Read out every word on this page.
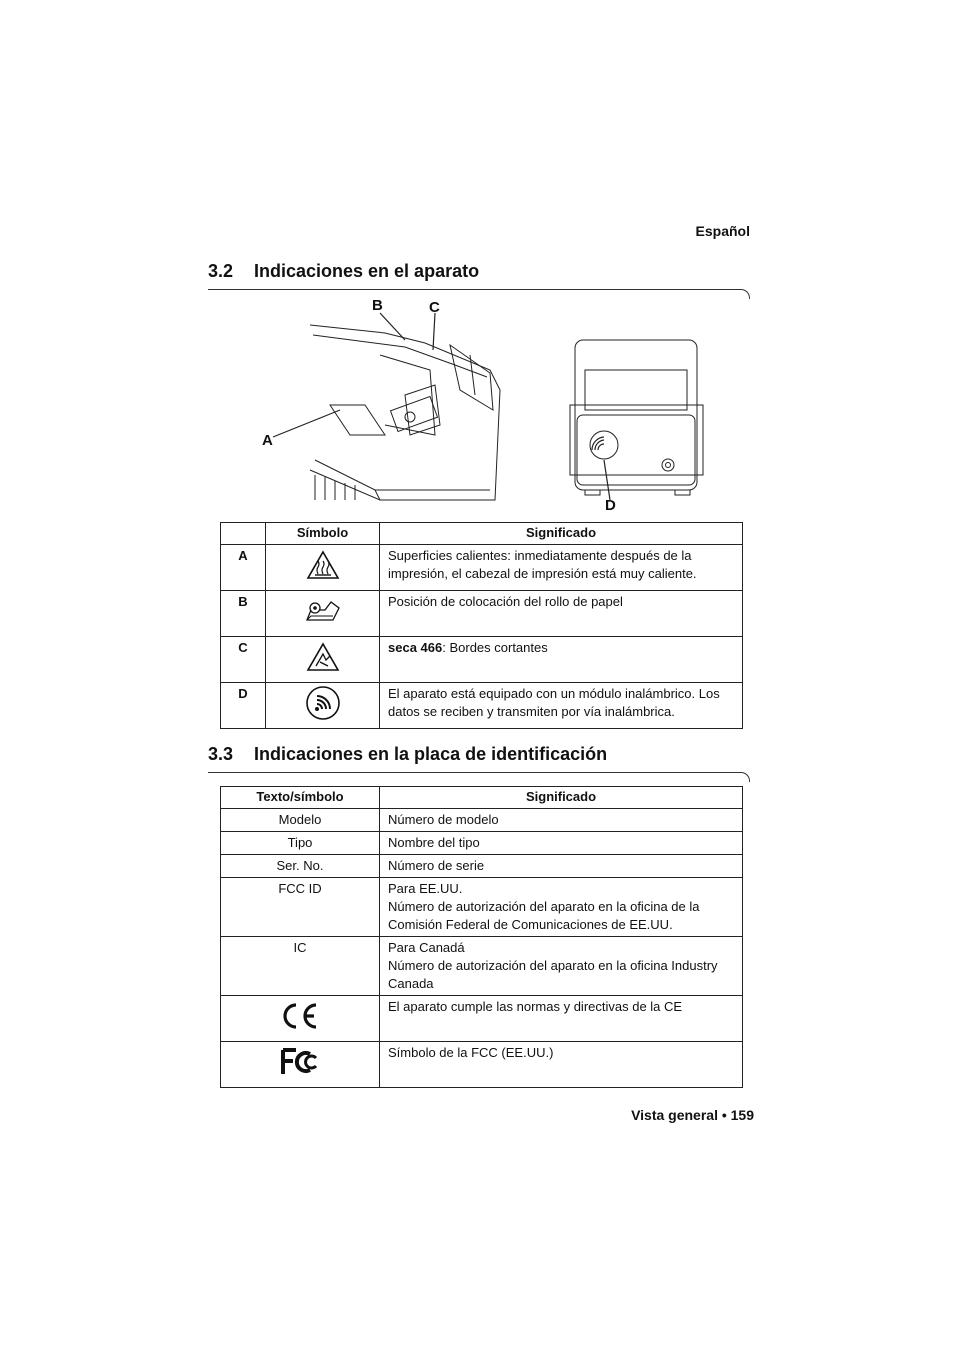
Español
3.2 Indicaciones en el aparato
A
B	C
D
	Símbolo	Significado
A		Superficies calientes: inmediatamente después de la impresión, el cabezal de impresión está muy caliente.
B		Posición de colocación del rollo de papel
C		seca 466: Bordes cortantes
D		El aparato está equipado con un módulo inalámbrico. Los datos se reciben y transmiten por vía inalámbrica.
3.3 Indicaciones en la placa de identificación
Texto/símbolo	Significado
Modelo	Número de modelo
Tipo	Nombre del tipo
Ser. No.	Número de serie
FCC ID	Para EE.UU.
Número de autorización del aparato en la oficina de la Comisión Federal de Comunicaciones de EE.UU.

IC	Para Canadá
Número de autorización del aparato en la oficina Industry Canada

	El aparato cumple las normas y directivas de la CE
	Símbolo de la FCC (EE.UU.)
Vista general • 159
